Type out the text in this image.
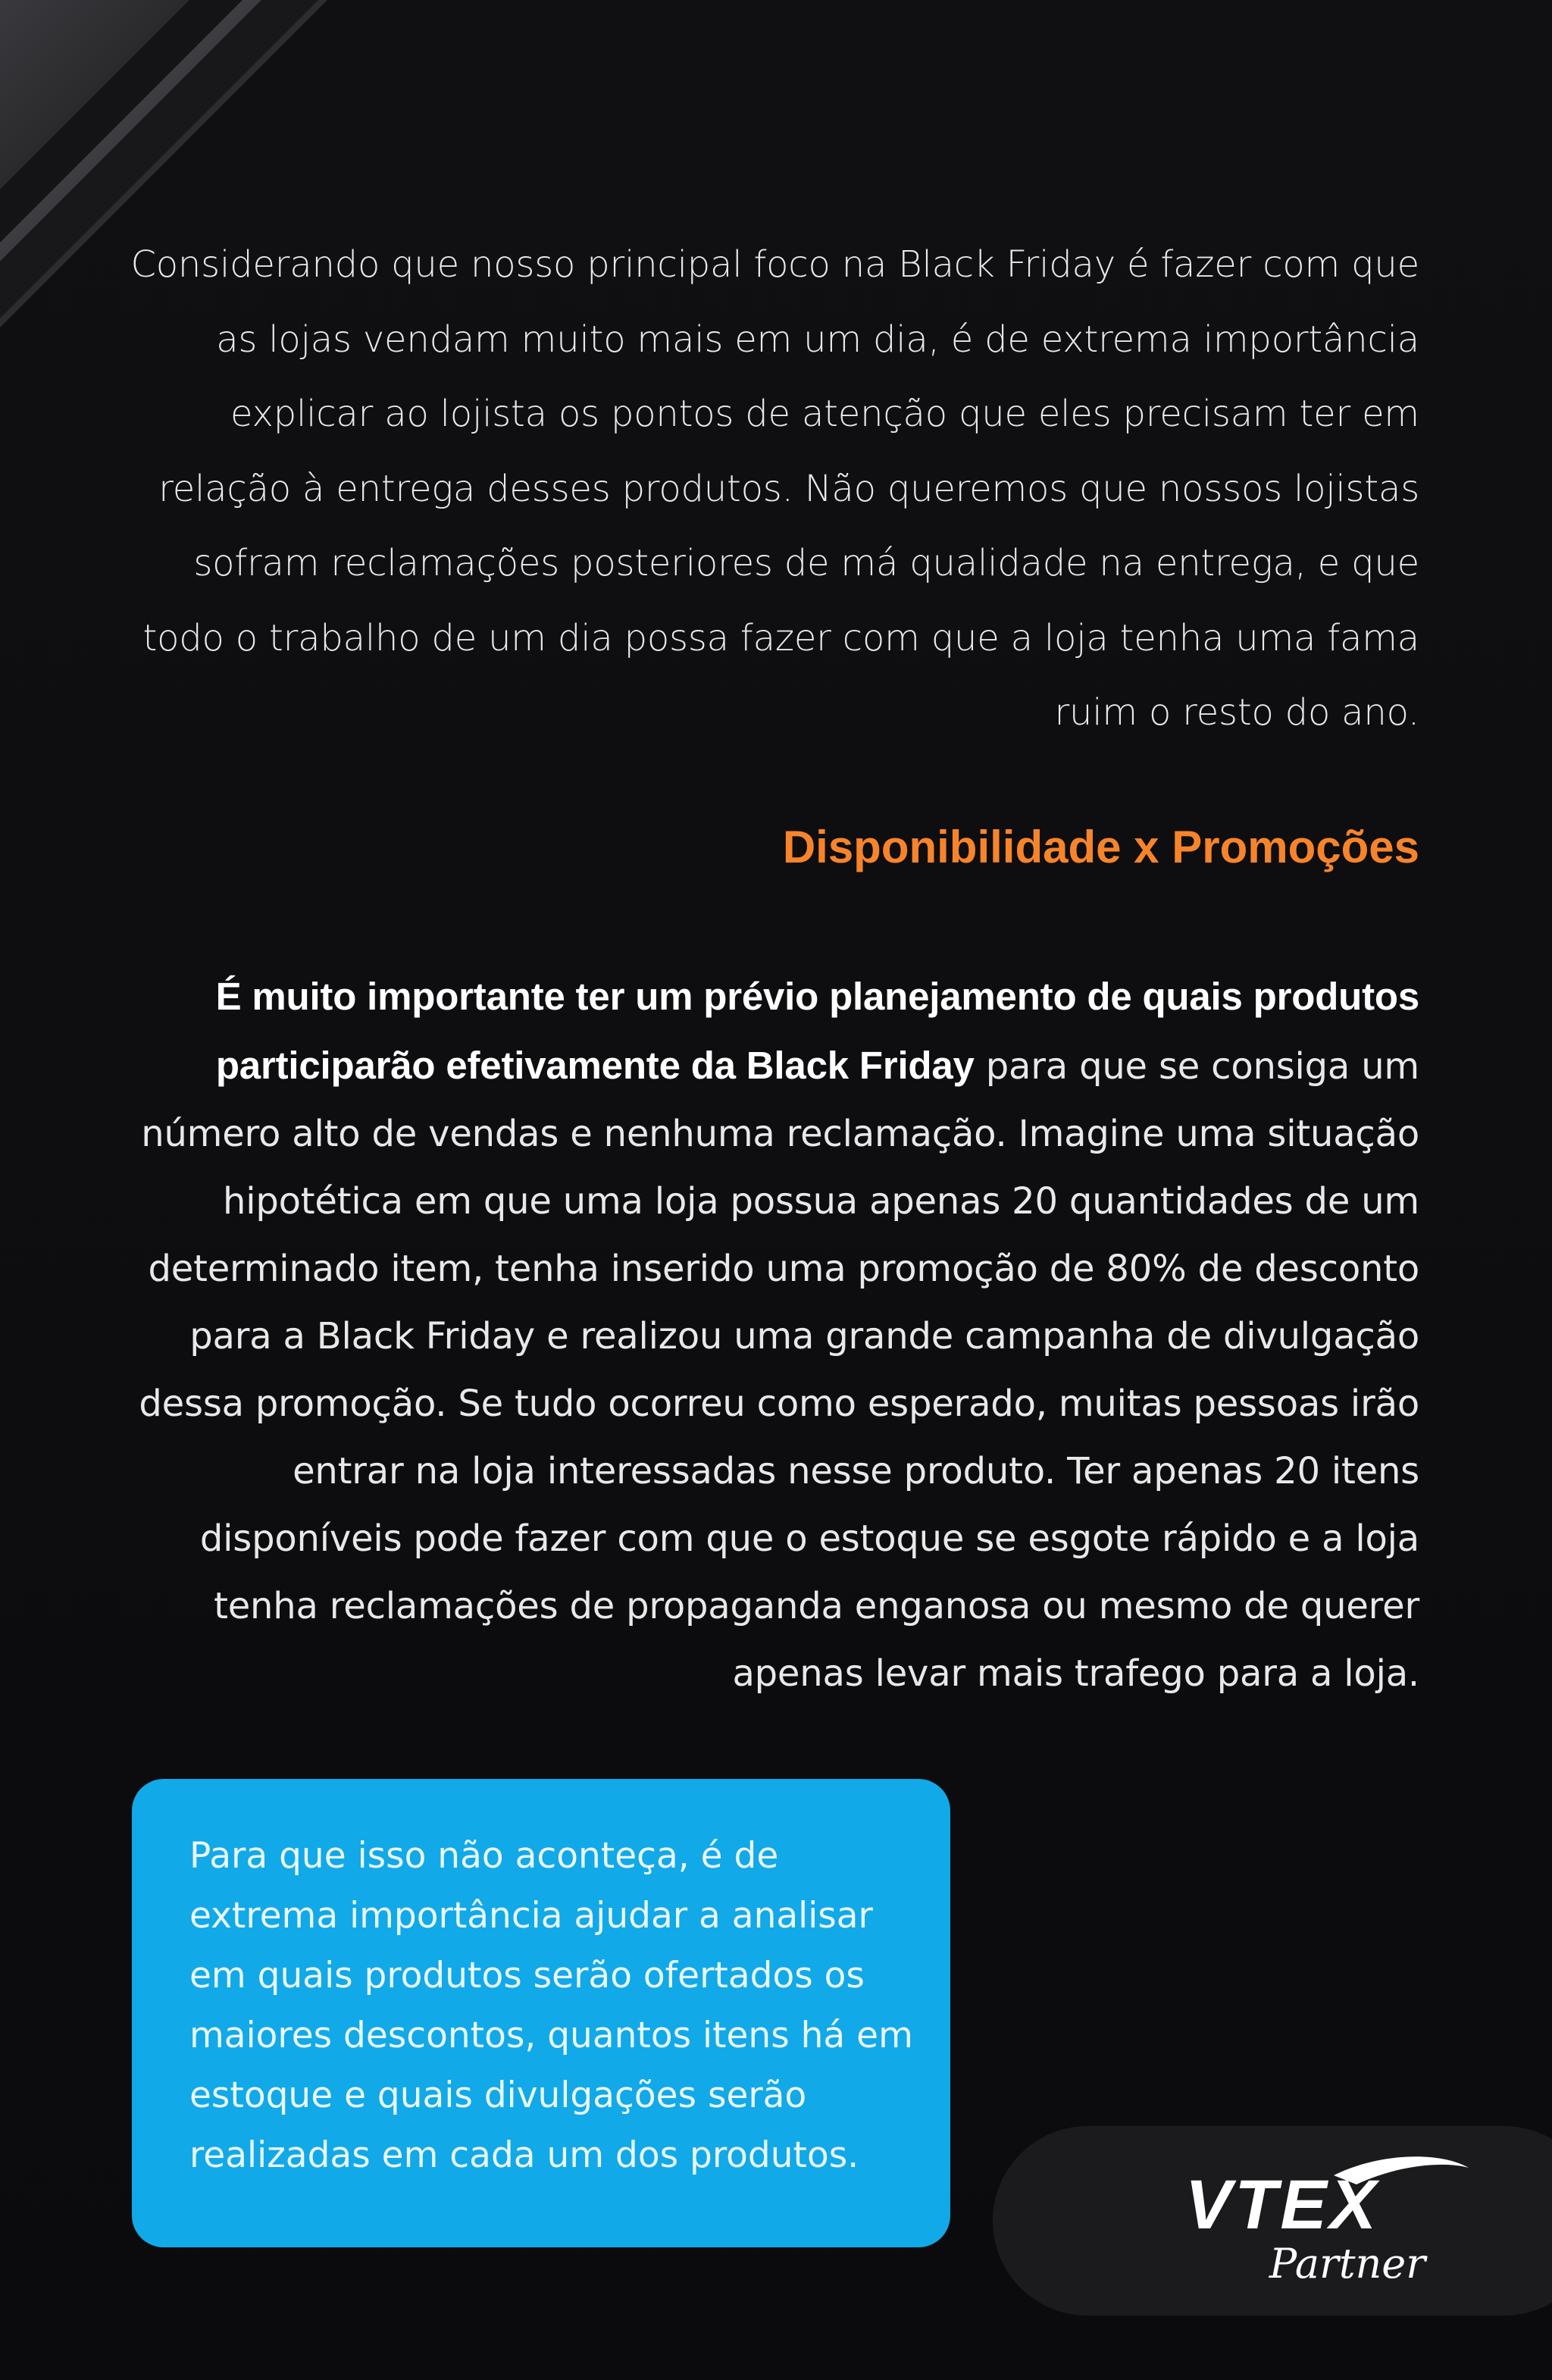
Considerando que nosso principal foco na Black Friday é fazer com que as lojas vendam muito mais em um dia, é de extrema importância explicar ao lojista os pontos de atenção que eles precisam ter em relação à entrega desses produtos. Não queremos que nossos lojistas sofram reclamações posteriores de má qualidade na entrega, e que todo o trabalho de um dia possa fazer com que a loja tenha uma fama ruim o resto do ano.

Disponibilidade x Promoções

É muito importante ter um prévio planejamento de quais produtos participarão efetivamente da Black Friday para que se consiga um número alto de vendas e nenhuma reclamação. Imagine uma situação hipotética em que uma loja possua apenas 20 quantidades de um determinado item, tenha inserido uma promoção de 80% de desconto para a Black Friday e realizou uma grande campanha de divulgação dessa promoção. Se tudo ocorreu como esperado, muitas pessoas irão entrar na loja interessadas nesse produto. Ter apenas 20 itens disponíveis pode fazer com que o estoque se esgote rápido e a loja tenha reclamações de propaganda enganosa ou mesmo de querer apenas levar mais trafego para a loja.

Para que isso não aconteça, é de extrema importância ajudar a analisar em quais produtos serão ofertados os maiores descontos, quantos itens há em estoque e quais divulgações serão realizadas em cada um dos produtos.

VTEX
Partner
